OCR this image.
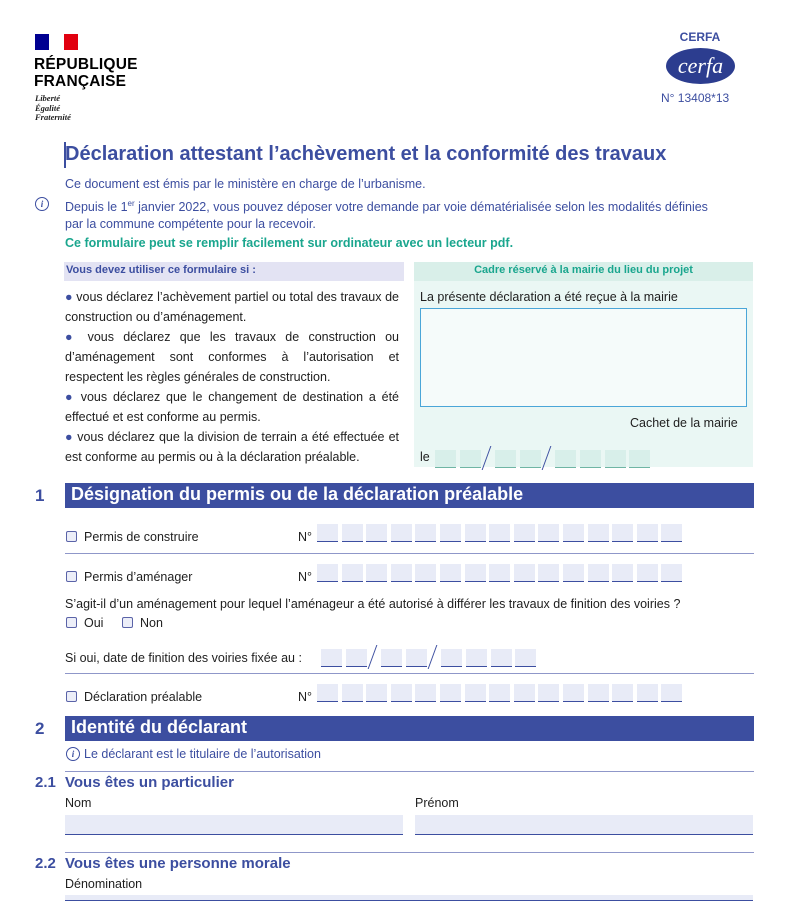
RÉPUBLIQUE
FRANÇAISE
Liberté
Égalité
Fraternité
CERFA
cerfa
N° 13408*13
Déclaration attestant l’achèvement et la conformité des travaux
Ce document est émis par le ministère en charge de l’urbanisme.
i	Depuis le 1er janvier 2022, vous pouvez déposer votre demande par voie dématérialisée selon les modalités définies
par la commune compétente pour la recevoir.
Ce formulaire peut se remplir facilement sur ordinateur avec un lecteur pdf.
Vous devez utiliser ce formulaire si :
● vous déclarez l’achèvement partiel ou total des travaux de construction ou d’aménagement.
● vous déclarez que les travaux de construction ou d’aménagement sont conformes à l’autorisation et respectent les règles générales de construction.
● vous déclarez que le changement de destination a été effectué et est conforme au permis.
● vous déclarez que la division de terrain a été effectuée et est conforme au permis ou à la déclaration préalable.
Cadre réservé à la mairie du lieu du projet
La présente déclaration a été reçue à la mairie
Cachet de la mairie
le
1	Désignation du permis ou de la déclaration préalable
Permis de construire	N°
Permis d’aménager	N°
S’agit-il d’un aménagement pour lequel l’aménageur a été autorisé à différer les travaux de finition des voiries ?
Oui	Non
Si oui, date de finition des voiries fixée au :
Déclaration préalable	N°
2	Identité du déclarant
i Le déclarant est le titulaire de l’autorisation
2.1 Vous êtes un particulier
Nom	Prénom
2.2 Vous êtes une personne morale
Dénomination
